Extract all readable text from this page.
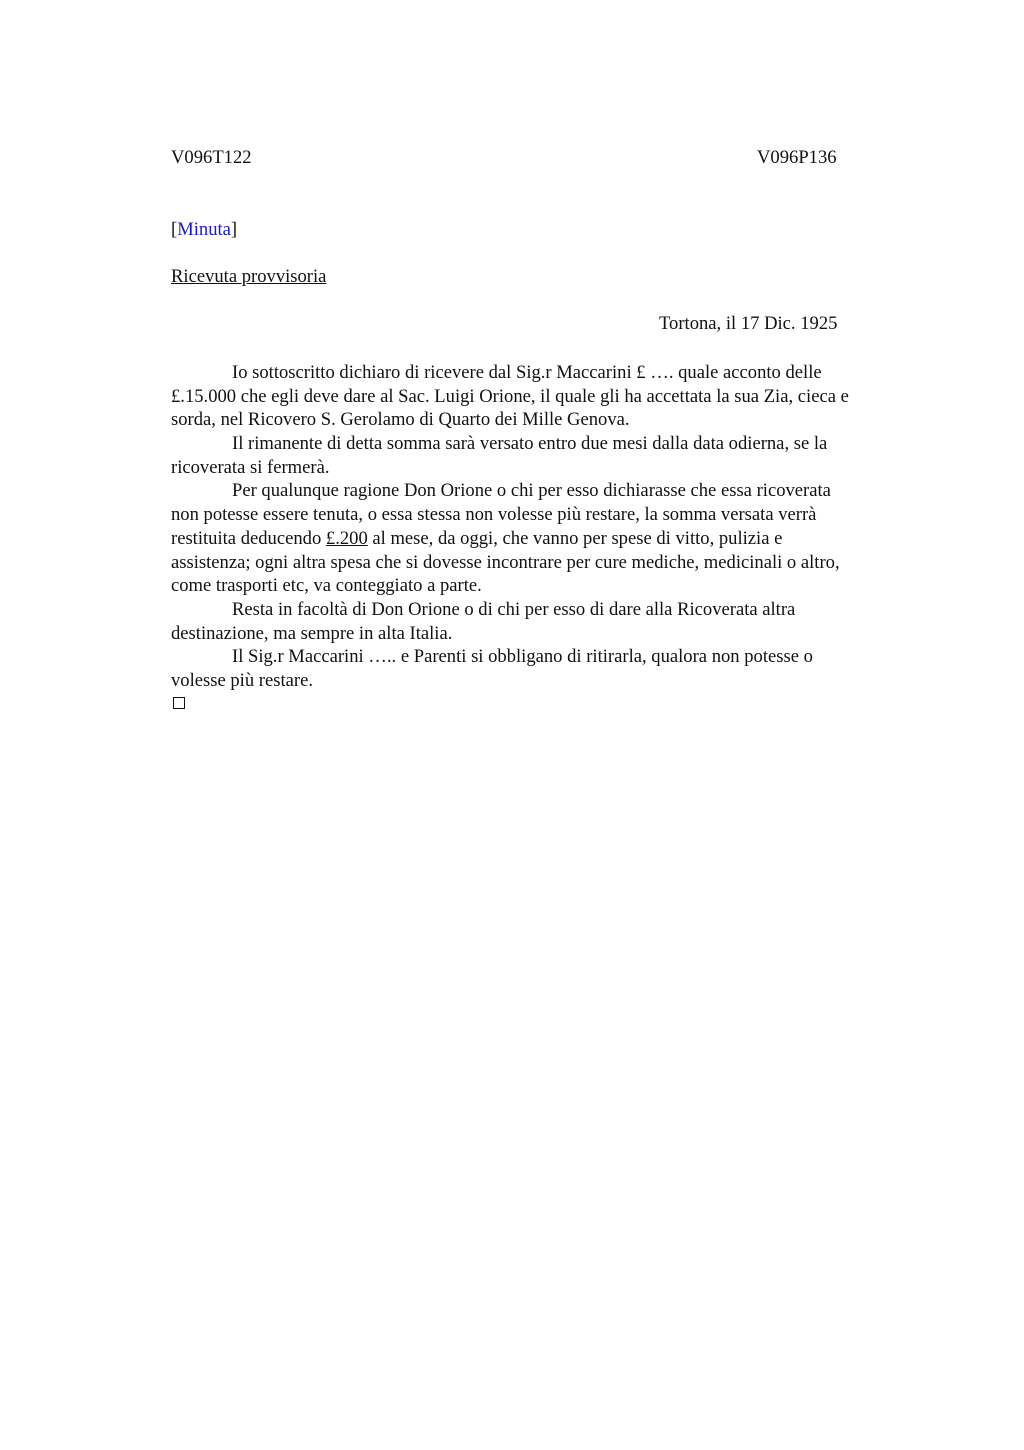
V096T122	V096P136
[Minuta]
Ricevuta provvisoria
Tortona, il 17 Dic. 1925
Io sottoscritto dichiaro di ricevere dal Sig.r Maccarini £ …. quale acconto delle
£.15.000 che egli deve dare al Sac. Luigi Orione, il quale gli ha accettata la sua Zia, cieca e
sorda, nel Ricovero S. Gerolamo di Quarto dei Mille Genova.
Il rimanente di detta somma sarà versato entro due mesi dalla data odierna, se la
ricoverata si fermerà.
Per qualunque ragione Don Orione o chi per esso dichiarasse che essa ricoverata
non potesse essere tenuta, o essa stessa non volesse più restare, la somma versata verrà
restituita deducendo £.200 al mese, da oggi, che vanno per spese di vitto, pulizia e
assistenza; ogni altra spesa che si dovesse incontrare per cure mediche, medicinali o altro,
come trasporti etc, va conteggiato a parte.
Resta in facoltà di Don Orione o di chi per esso di dare alla Ricoverata altra
destinazione, ma sempre in alta Italia.
Il Sig.r Maccarini ….. e Parenti si obbligano di ritirarla, qualora non potesse o
volesse più restare.
